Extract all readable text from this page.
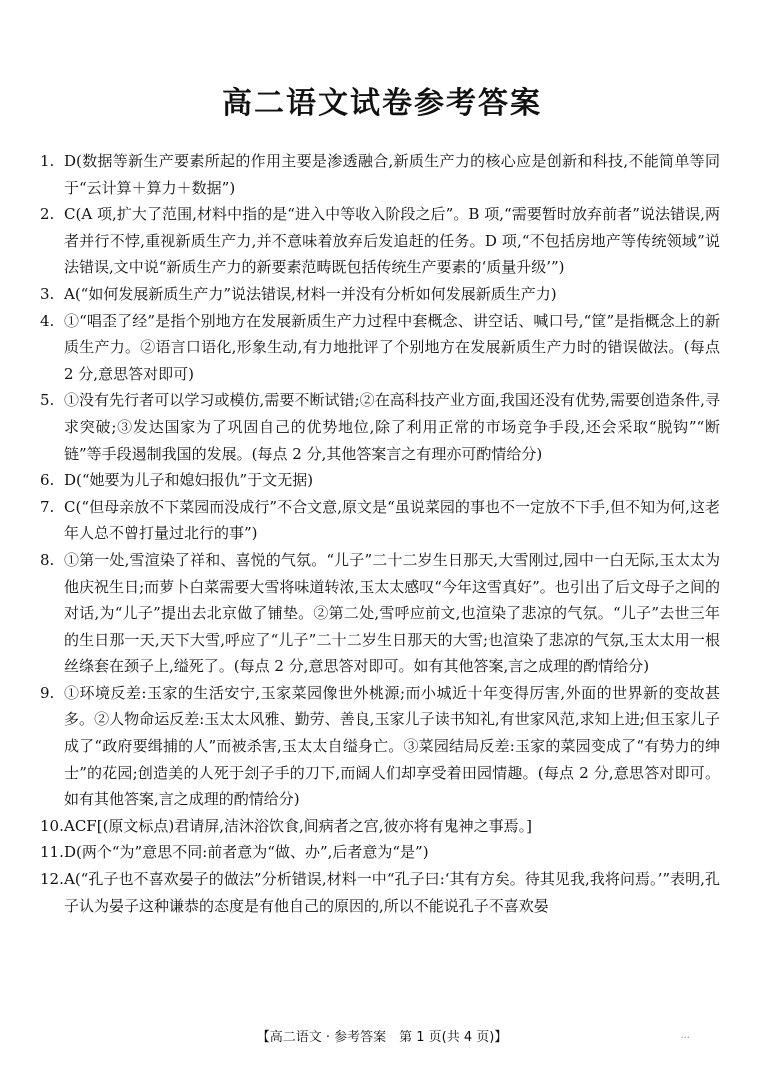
高二语文试卷参考答案
1. D(数据等新生产要素所起的作用主要是渗透融合,新质生产力的核心应是创新和科技,不能简单等同于“云计算＋算力＋数据”)
2. C(A 项,扩大了范围,材料中指的是“进入中等收入阶段之后”。B 项,“需要暂时放弃前者”说法错误,两者并行不悖,重视新质生产力,并不意味着放弃后发追赶的任务。D 项,“不包括房地产等传统领域”说法错误,文中说“新质生产力的新要素范畴既包括传统生产要素的‘质量升级’”)
3. A(“如何发展新质生产力”说法错误,材料一并没有分析如何发展新质生产力)
4. ①“唱歪了经”是指个别地方在发展新质生产力过程中套概念、讲空话、喊口号,“筐”是指概念上的新质生产力。②语言口语化,形象生动,有力地批评了个别地方在发展新质生产力时的错误做法。(每点 2 分,意思答对即可)
5. ①没有先行者可以学习或模仿,需要不断试错;②在高科技产业方面,我国还没有优势,需要创造条件,寻求突破;③发达国家为了巩固自己的优势地位,除了利用正常的市场竞争手段,还会采取“脱钩”“断链”等手段遏制我国的发展。(每点 2 分,其他答案言之有理亦可酌情给分)
6. D(“她要为儿子和媳妇报仇”于文无据)
7. C(“但母亲放不下菜园而没成行”不合文意,原文是“虽说菜园的事也不一定放不下手,但不知为何,这老年人总不曾打量过北行的事”)
8. ①第一处,雪渲染了祥和、喜悦的气氛。“儿子”二十二岁生日那天,大雪刚过,园中一白无际,玉太太为他庆祝生日;而萝卜白菜需要大雪将味道转浓,玉太太感叹“今年这雪真好”。也引出了后文母子之间的对话,为“儿子”提出去北京做了铺垫。②第二处,雪呼应前文,也渲染了悲凉的气氛。“儿子”去世三年的生日那一天,天下大雪,呼应了“儿子”二十二岁生日那天的大雪;也渲染了悲凉的气氛,玉太太用一根丝绦套在颈子上,缢死了。(每点 2 分,意思答对即可。如有其他答案,言之成理的酌情给分)
9. ①环境反差:玉家的生活安宁,玉家菜园像世外桃源;而小城近十年变得厉害,外面的世界新的变故甚多。②人物命运反差:玉太太风雅、勤劳、善良,玉家儿子读书知礼,有世家风范,求知上进;但玉家儿子成了“政府要缉捕的人”而被杀害,玉太太自缢身亡。③菜园结局反差:玉家的菜园变成了“有势力的绅士”的花园;创造美的人死于刽子手的刀下,而阔人们却享受着田园情趣。(每点 2 分,意思答对即可。如有其他答案,言之成理的酌情给分)
10. ACF[(原文标点)君请屏,洁沐浴饮食,间病者之宫,彼亦将有鬼神之事焉。]
11. D(两个“为”意思不同:前者意为“做、办”,后者意为“是”)
12. A(“孔子也不喜欢晏子的做法”分析错误,材料一中“孔子曰:‘其有方矣。待其见我,我将问焉。’”表明,孔子认为晏子这种谦恭的态度是有他自己的原因的,所以不能说孔子不喜欢晏
【高二语文 · 参考答案　第 1 页(共 4 页)】	...
